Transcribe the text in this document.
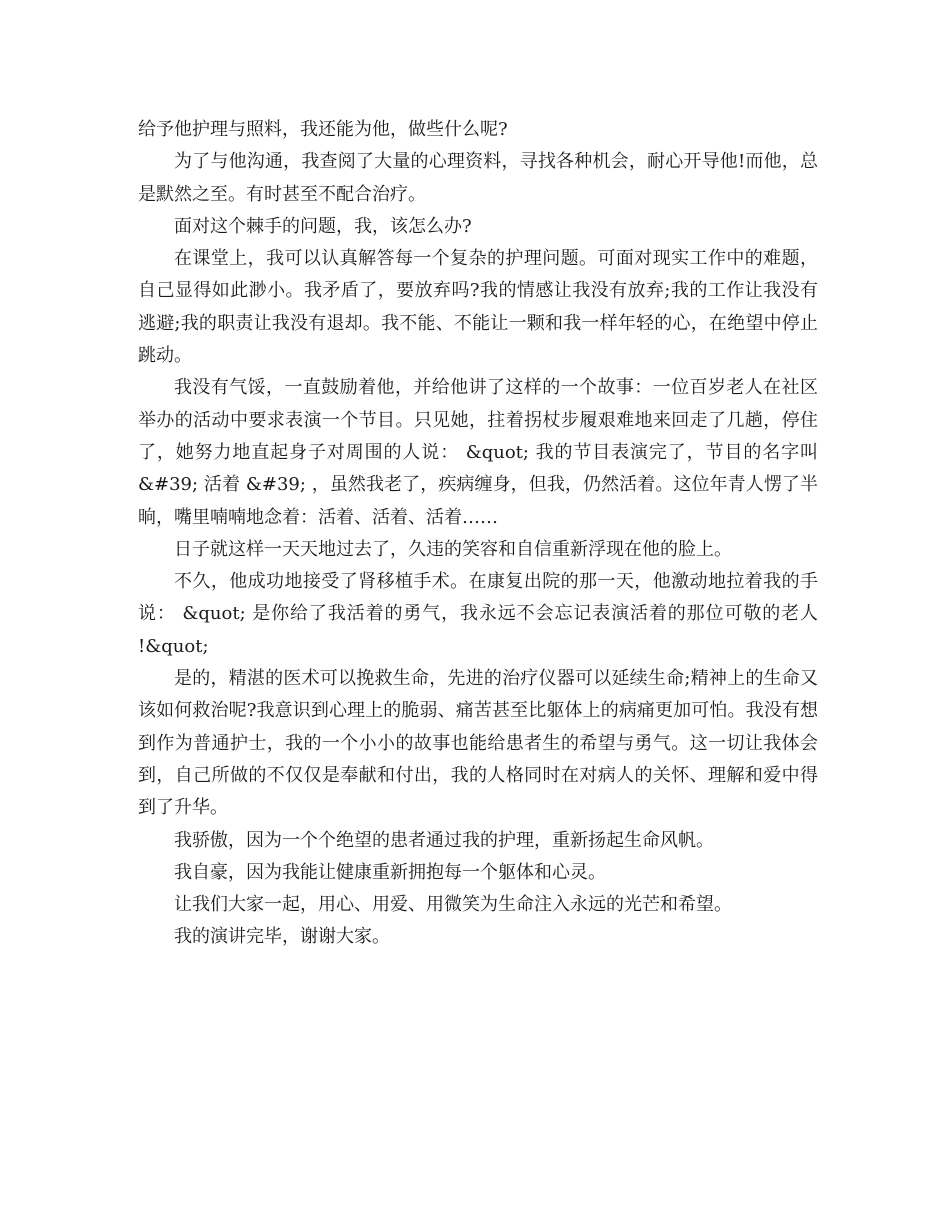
给予他护理与照料，我还能为他，做些什么呢?

为了与他沟通，我查阅了大量的心理资料，寻找各种机会，耐心开导他!而他，总是默然之至。有时甚至不配合治疗。

面对这个棘手的问题，我，该怎么办?

在课堂上，我可以认真解答每一个复杂的护理问题。可面对现实工作中的难题，自己显得如此渺小。我矛盾了，要放弃吗?我的情感让我没有放弃;我的工作让我没有逃避;我的职责让我没有退却。我不能、不能让一颗和我一样年轻的心，在绝望中停止跳动。

我没有气馁，一直鼓励着他，并给他讲了这样的一个故事：一位百岁老人在社区举办的活动中要求表演一个节目。只见她，拄着拐杖步履艰难地来回走了几趟，停住了，她努力地直起身子对周围的人说： &quot; 我的节目表演完了，节目的名字叫 &#39; 活着 &#39; ，虽然我老了，疾病缠身，但我，仍然活着。这位年青人愣了半晌，嘴里喃喃地念着：活着、活着、活着……

日子就这样一天天地过去了，久违的笑容和自信重新浮现在他的脸上。

不久，他成功地接受了肾移植手术。在康复出院的那一天，他激动地拉着我的手说： &quot; 是你给了我活着的勇气，我永远不会忘记表演活着的那位可敬的老人 !&quot;

是的，精湛的医术可以挽救生命，先进的治疗仪器可以延续生命;精神上的生命又该如何救治呢?我意识到心理上的脆弱、痛苦甚至比躯体上的病痛更加可怕。我没有想到作为普通护士，我的一个小小的故事也能给患者生的希望与勇气。这一切让我体会到，自己所做的不仅仅是奉献和付出，我的人格同时在对病人的关怀、理解和爱中得到了升华。

我骄傲，因为一个个绝望的患者通过我的护理，重新扬起生命风帆。

我自豪，因为我能让健康重新拥抱每一个躯体和心灵。

让我们大家一起，用心、用爱、用微笑为生命注入永远的光芒和希望。

我的演讲完毕，谢谢大家。
